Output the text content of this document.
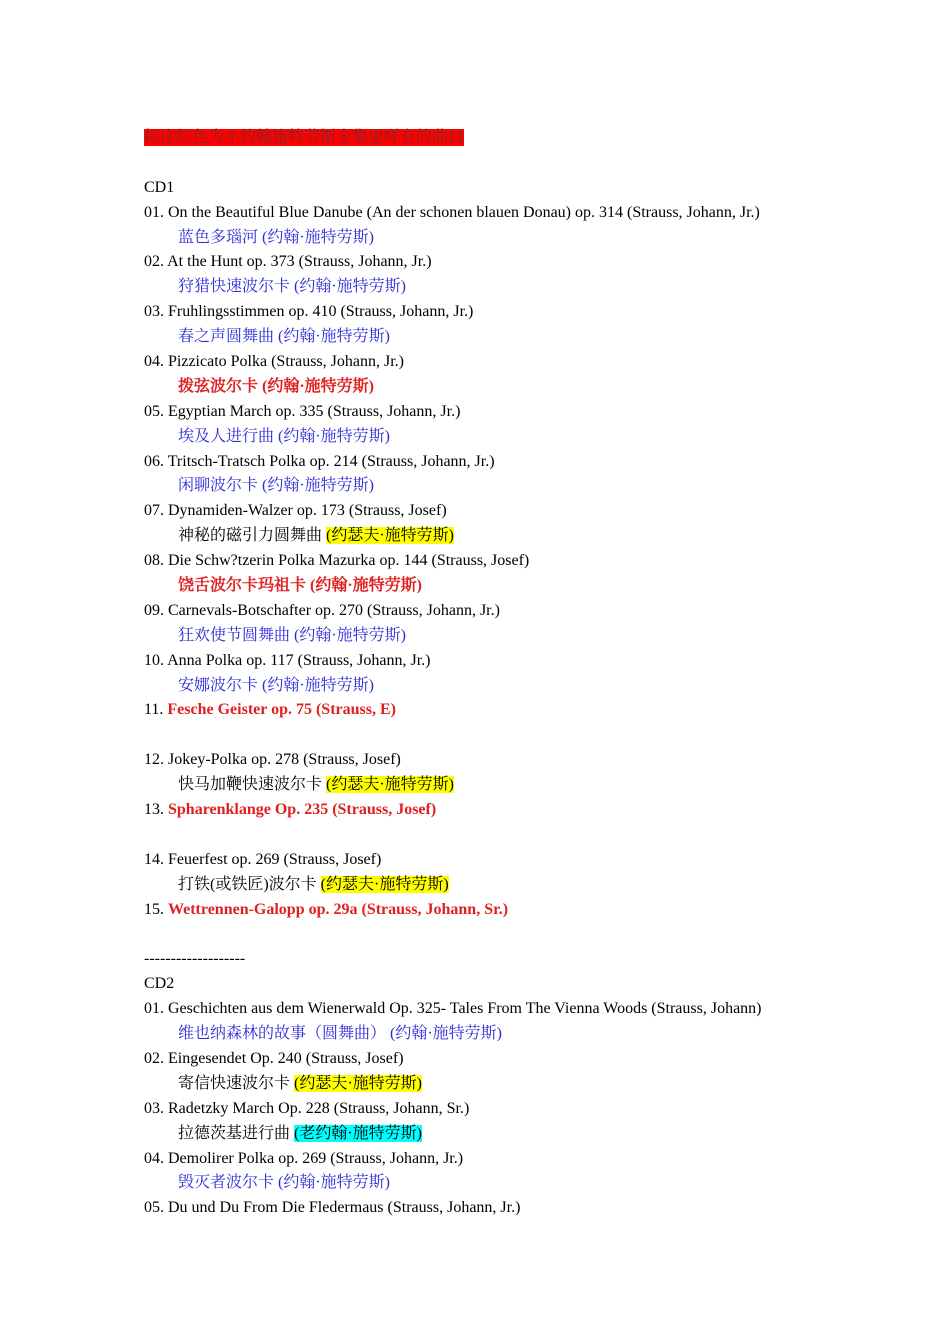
标注红色为小约翰施特劳斯全集里咩有的曲目
CD1
01. On the Beautiful Blue Danube (An der schonen blauen Donau) op. 314 (Strauss, Johann, Jr.)
蓝色多瑙河 (约翰·施特劳斯)
02. At the Hunt op. 373 (Strauss, Johann, Jr.)
狩猎快速波尔卡 (约翰·施特劳斯)
03. Fruhlingsstimmen op. 410 (Strauss, Johann, Jr.)
春之声圆舞曲 (约翰·施特劳斯)
04. Pizzicato Polka (Strauss, Johann, Jr.)
拨弦波尔卡 (约翰·施特劳斯)
05. Egyptian March op. 335 (Strauss, Johann, Jr.)
埃及人进行曲 (约翰·施特劳斯)
06. Tritsch-Tratsch Polka op. 214 (Strauss, Johann, Jr.)
闲聊波尔卡 (约翰·施特劳斯)
07. Dynamiden-Walzer op. 173 (Strauss, Josef)
神秘的磁引力圆舞曲 (约瑟夫·施特劳斯)
08. Die Schw?tzerin Polka Mazurka op. 144 (Strauss, Josef)
饶舌波尔卡玛祖卡 (约翰·施特劳斯)
09. Carnevals-Botschafter op. 270 (Strauss, Johann, Jr.)
狂欢使节圆舞曲 (约翰·施特劳斯)
10. Anna Polka op. 117 (Strauss, Johann, Jr.)
安娜波尔卡 (约翰·施特劳斯)
11. Fesche Geister op. 75 (Strauss, E)
12. Jokey-Polka op. 278 (Strauss, Josef)
快马加鞭快速波尔卡 (约瑟夫·施特劳斯)
13. Spharenklange Op. 235 (Strauss, Josef)
14. Feuerfest op. 269 (Strauss, Josef)
打铁(或铁匠)波尔卡 (约瑟夫·施特劳斯)
15. Wettrennen-Galopp op. 29a (Strauss, Johann, Sr.)
-------------------
CD2
01. Geschichten aus dem Wienerwald Op. 325- Tales From The Vienna Woods (Strauss, Johann)
维也纳森林的故事（圆舞曲） (约翰·施特劳斯)
02. Eingesendet Op. 240 (Strauss, Josef)
寄信快速波尔卡 (约瑟夫·施特劳斯)
03. Radetzky March Op. 228 (Strauss, Johann, Sr.)
拉德茨基进行曲 (老约翰·施特劳斯)
04. Demolirer Polka op. 269 (Strauss, Johann, Jr.)
毁灭者波尔卡 (约翰·施特劳斯)
05. Du und Du From Die Fledermaus (Strauss, Johann, Jr.)
